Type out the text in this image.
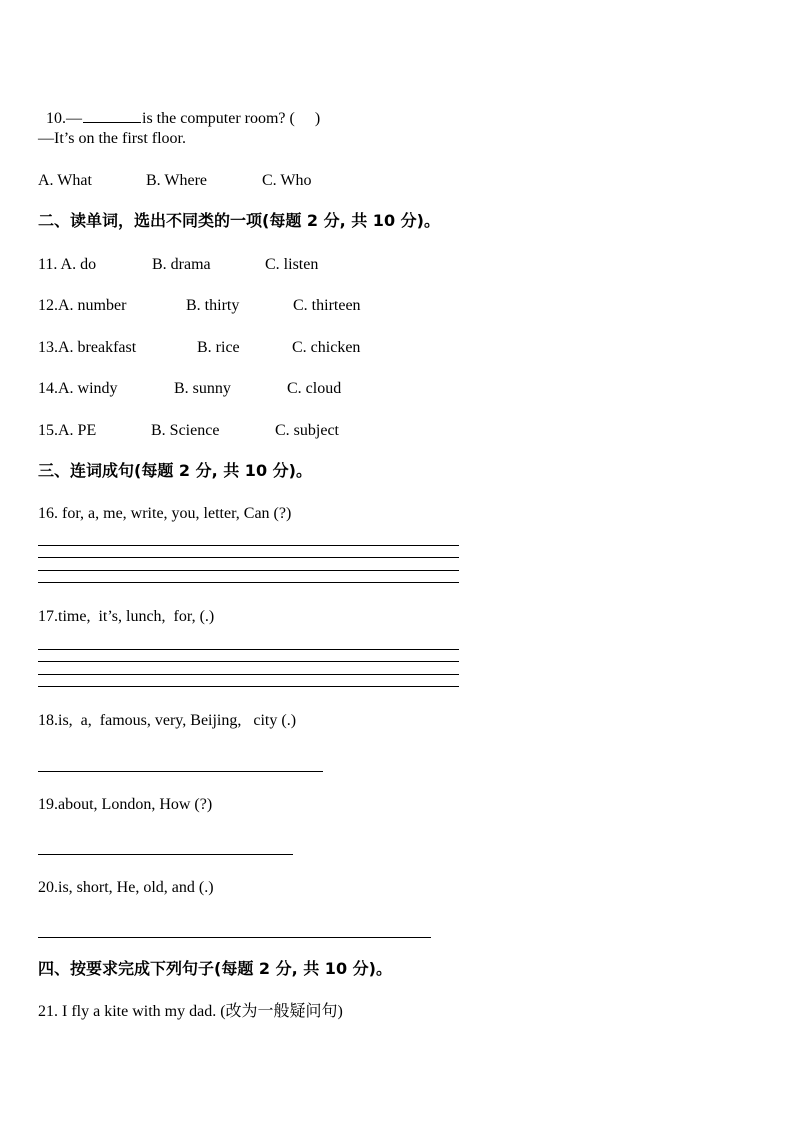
10.—	is the computer room? (     )

—It’s on the first floor.
A. What	B. Where	C. Who
二、读单词，选出不同类的一项(每题 2 分, 共 10 分)。
11. A. do	B. drama	C. listen
12.A. number	B. thirty	C. thirteen
13.A. breakfast	B. rice	C. chicken
14.A. windy	B. sunny	C. cloud
15.A. PE	B. Science	C. subject
三、连词成句(每题 2 分, 共 10 分)。
16. for, a, me, write, you, letter, Can (?)
17.time,  it’s, lunch,  for, (.)
18.is,  a,  famous, very, Beijing,   city (.)
19.about, London, How (?)
20.is, short, He, old, and (.)
四、按要求完成下列句子(每题 2 分, 共 10 分)。
21. I fly a kite with my dad. (改为一般疑问句)
